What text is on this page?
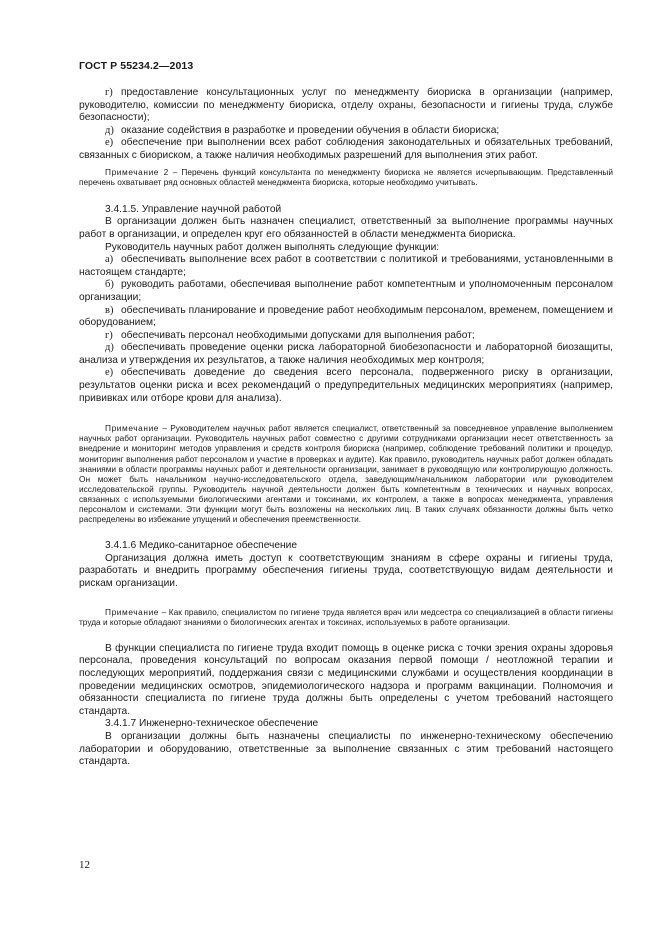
ГОСТ Р 55234.2—2013

г) предоставление консультационных услуг по менеджменту биориска в организации (например, руководителю, комиссии по менеджменту биориска, отделу охраны, безопасности и гигиены труда, службе безопасности);

д) оказание содействия в разработке и проведении обучения в области биориска;

е) обеспечение при выполнении всех работ соблюдения законодательных и обязательных требований, связанных с биориском, а также наличия необходимых разрешений для выполнения этих работ.

Примечание 2 – Перечень функций консультанта по менеджменту биориска не является исчерпывающим. Представленный перечень охватывает ряд основных областей менеджмента биориска, которые необходимо учитывать.

3.4.1.5. Управление научной работой

В организации должен быть назначен специалист, ответственный за выполнение программы научных работ в организации, и определен круг его обязанностей в области менеджмента биориска.

Руководитель научных работ должен выполнять следующие функции:

а) обеспечивать выполнение всех работ в соответствии с политикой и требованиями, установленными в настоящем стандарте;

б) руководить работами, обеспечивая выполнение работ компетентным и уполномоченным персоналом организации;

в) обеспечивать планирование и проведение работ необходимым персоналом, временем, помещением и оборудованием;

г) обеспечивать персонал необходимыми допусками для выполнения работ;

д) обеспечивать проведение оценки риска лабораторной биобезопасности и лабораторной биозащиты, анализа и утверждения их результатов, а также наличия необходимых мер контроля;

е) обеспечивать доведение до сведения всего персонала, подверженного риску в организации, результатов оценки риска и всех рекомендаций о предупредительных медицинских мероприятиях (например, прививках или отборе крови для анализа).

Примечание – Руководителем научных работ является специалист, ответственный за повседневное управление выполнением научных работ организации. Руководитель научных работ совместно с другими сотрудниками организации несет ответственность за внедрение и мониторинг методов управления и средств контроля биориска (например, соблюдение требований политики и процедур, мониторинг выполнения работ персоналом и участие в проверках и аудите). Как правило, руководитель научных работ должен обладать знаниями в области программы научных работ и деятельности организации, занимает в руководящую или контролирующую должность. Он может быть начальником научно-исследовательского отдела, заведующим/начальником лаборатории или руководителем исследовательской группы. Руководитель научной деятельности должен быть компетентным в технических и научных вопросах, связанных с используемыми биологическими агентами и токсинами, их контролем, а также в вопросах менеджмента, управления персоналом и системами. Эти функции могут быть возложены на нескольких лиц. В таких случаях обязанности должны быть четко распределены во избежание упущений и обеспечения преемственности.

3.4.1.6 Медико-санитарное обеспечение

Организация должна иметь доступ к соответствующим знаниям в сфере охраны и гигиены труда, разработать и внедрить программу обеспечения гигиены труда, соответствующую видам деятельности и рискам организации.

Примечание – Как правило, специалистом по гигиене труда является врач или медсестра со специализацией в области гигиены труда и которые обладают знаниями о биологических агентах и токсинах, используемых в работе организации.

В функции специалиста по гигиене труда входит помощь в оценке риска с точки зрения охраны здоровья персонала, проведения консультаций по вопросам оказания первой помощи / неотложной терапии и последующих мероприятий, поддержания связи с медицинскими службами и осуществления координации в проведении медицинских осмотров, эпидемиологического надзора и программ вакцинации. Полномочия и обязанности специалиста по гигиене труда должны быть определены с учетом требований настоящего стандарта.

3.4.1.7 Инженерно-техническое обеспечение

В организации должны быть назначены специалисты по инженерно-техническому обеспечению лаборатории и оборудованию, ответственные за выполнение связанных с этим требований настоящего стандарта.

12
